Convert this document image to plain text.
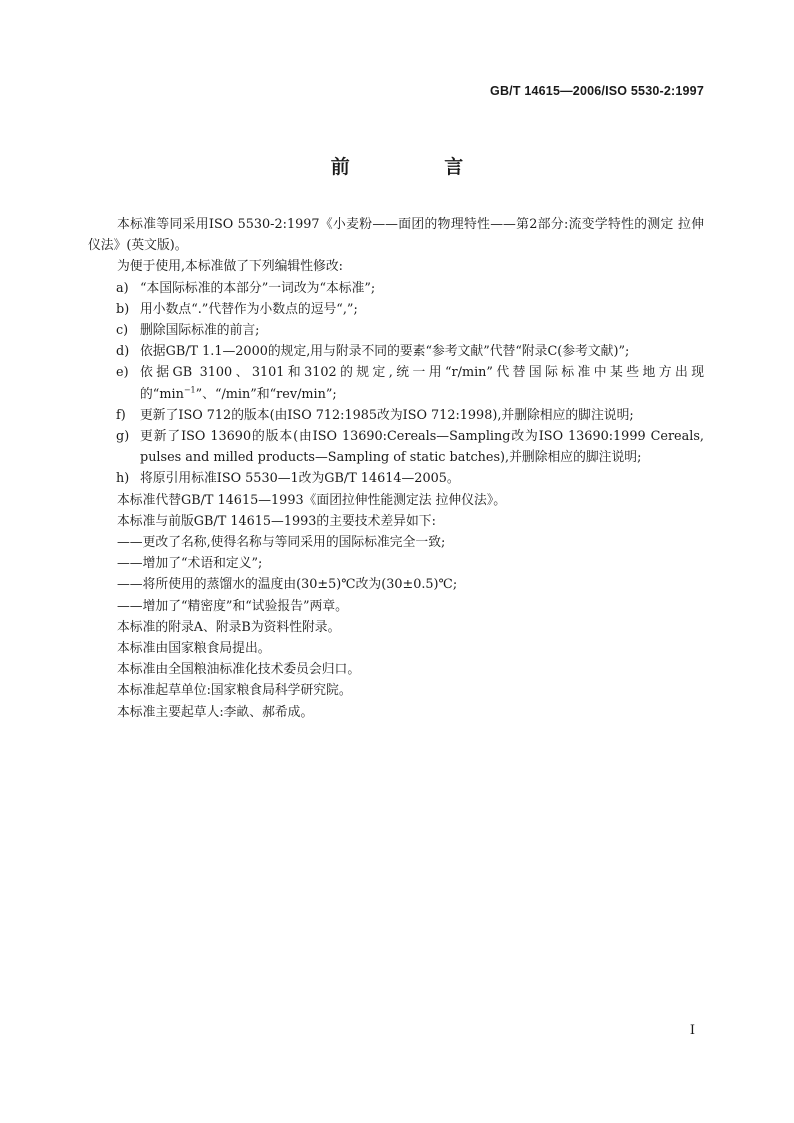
GB/T 14615—2006/ISO 5530-2:1997
前 言

本标准等同采用ISO 5530-2:1997《小麦粉——面团的物理特性——第2部分:流变学特性的测定 拉伸仪法》(英文版)。

为便于使用,本标准做了下列编辑性修改:

a) “本国际标准的本部分”一词改为“本标准”;
b) 用小数点“.”代替作为小数点的逗号“,”;
c) 删除国际标准的前言;
d) 依据GB/T 1.1—2000的规定,用与附录不同的要素“参考文献”代替“附录C(参考文献)”;
e) 依据GB 3100、3101和3102的规定,统一用“r/min”代替国际标准中某些地方出现的“$\min^{-1}$”、“/min”和“rev/min”;
f) 更新了ISO 712的版本(由ISO 712:1985改为ISO 712:1998),并删除相应的脚注说明;
g) 更新了ISO 13690的版本(由ISO 13690:Cereals—Sampling改为ISO 13690:1999 Cereals, pulses and milled products—Sampling of static batches),并删除相应的脚注说明;
h) 将原引用标准ISO 5530—1改为GB/T 14614—2005。

本标准代替GB/T 14615—1993《面团拉伸性能测定法 拉伸仪法》。

本标准与前版GB/T 14615—1993的主要技术差异如下:

——更改了名称,使得名称与等同采用的国际标准完全一致;

——增加了“术语和定义”;

——将所使用的蒸馏水的温度由(30±5)℃改为(30±0.5)℃;

——增加了“精密度”和“试验报告”两章。

本标准的附录A、附录B为资料性附录。

本标准由国家粮食局提出。

本标准由全国粮油标准化技术委员会归口。

本标准起草单位:国家粮食局科学研究院。

本标准主要起草人:李畝、郝希成。

I
